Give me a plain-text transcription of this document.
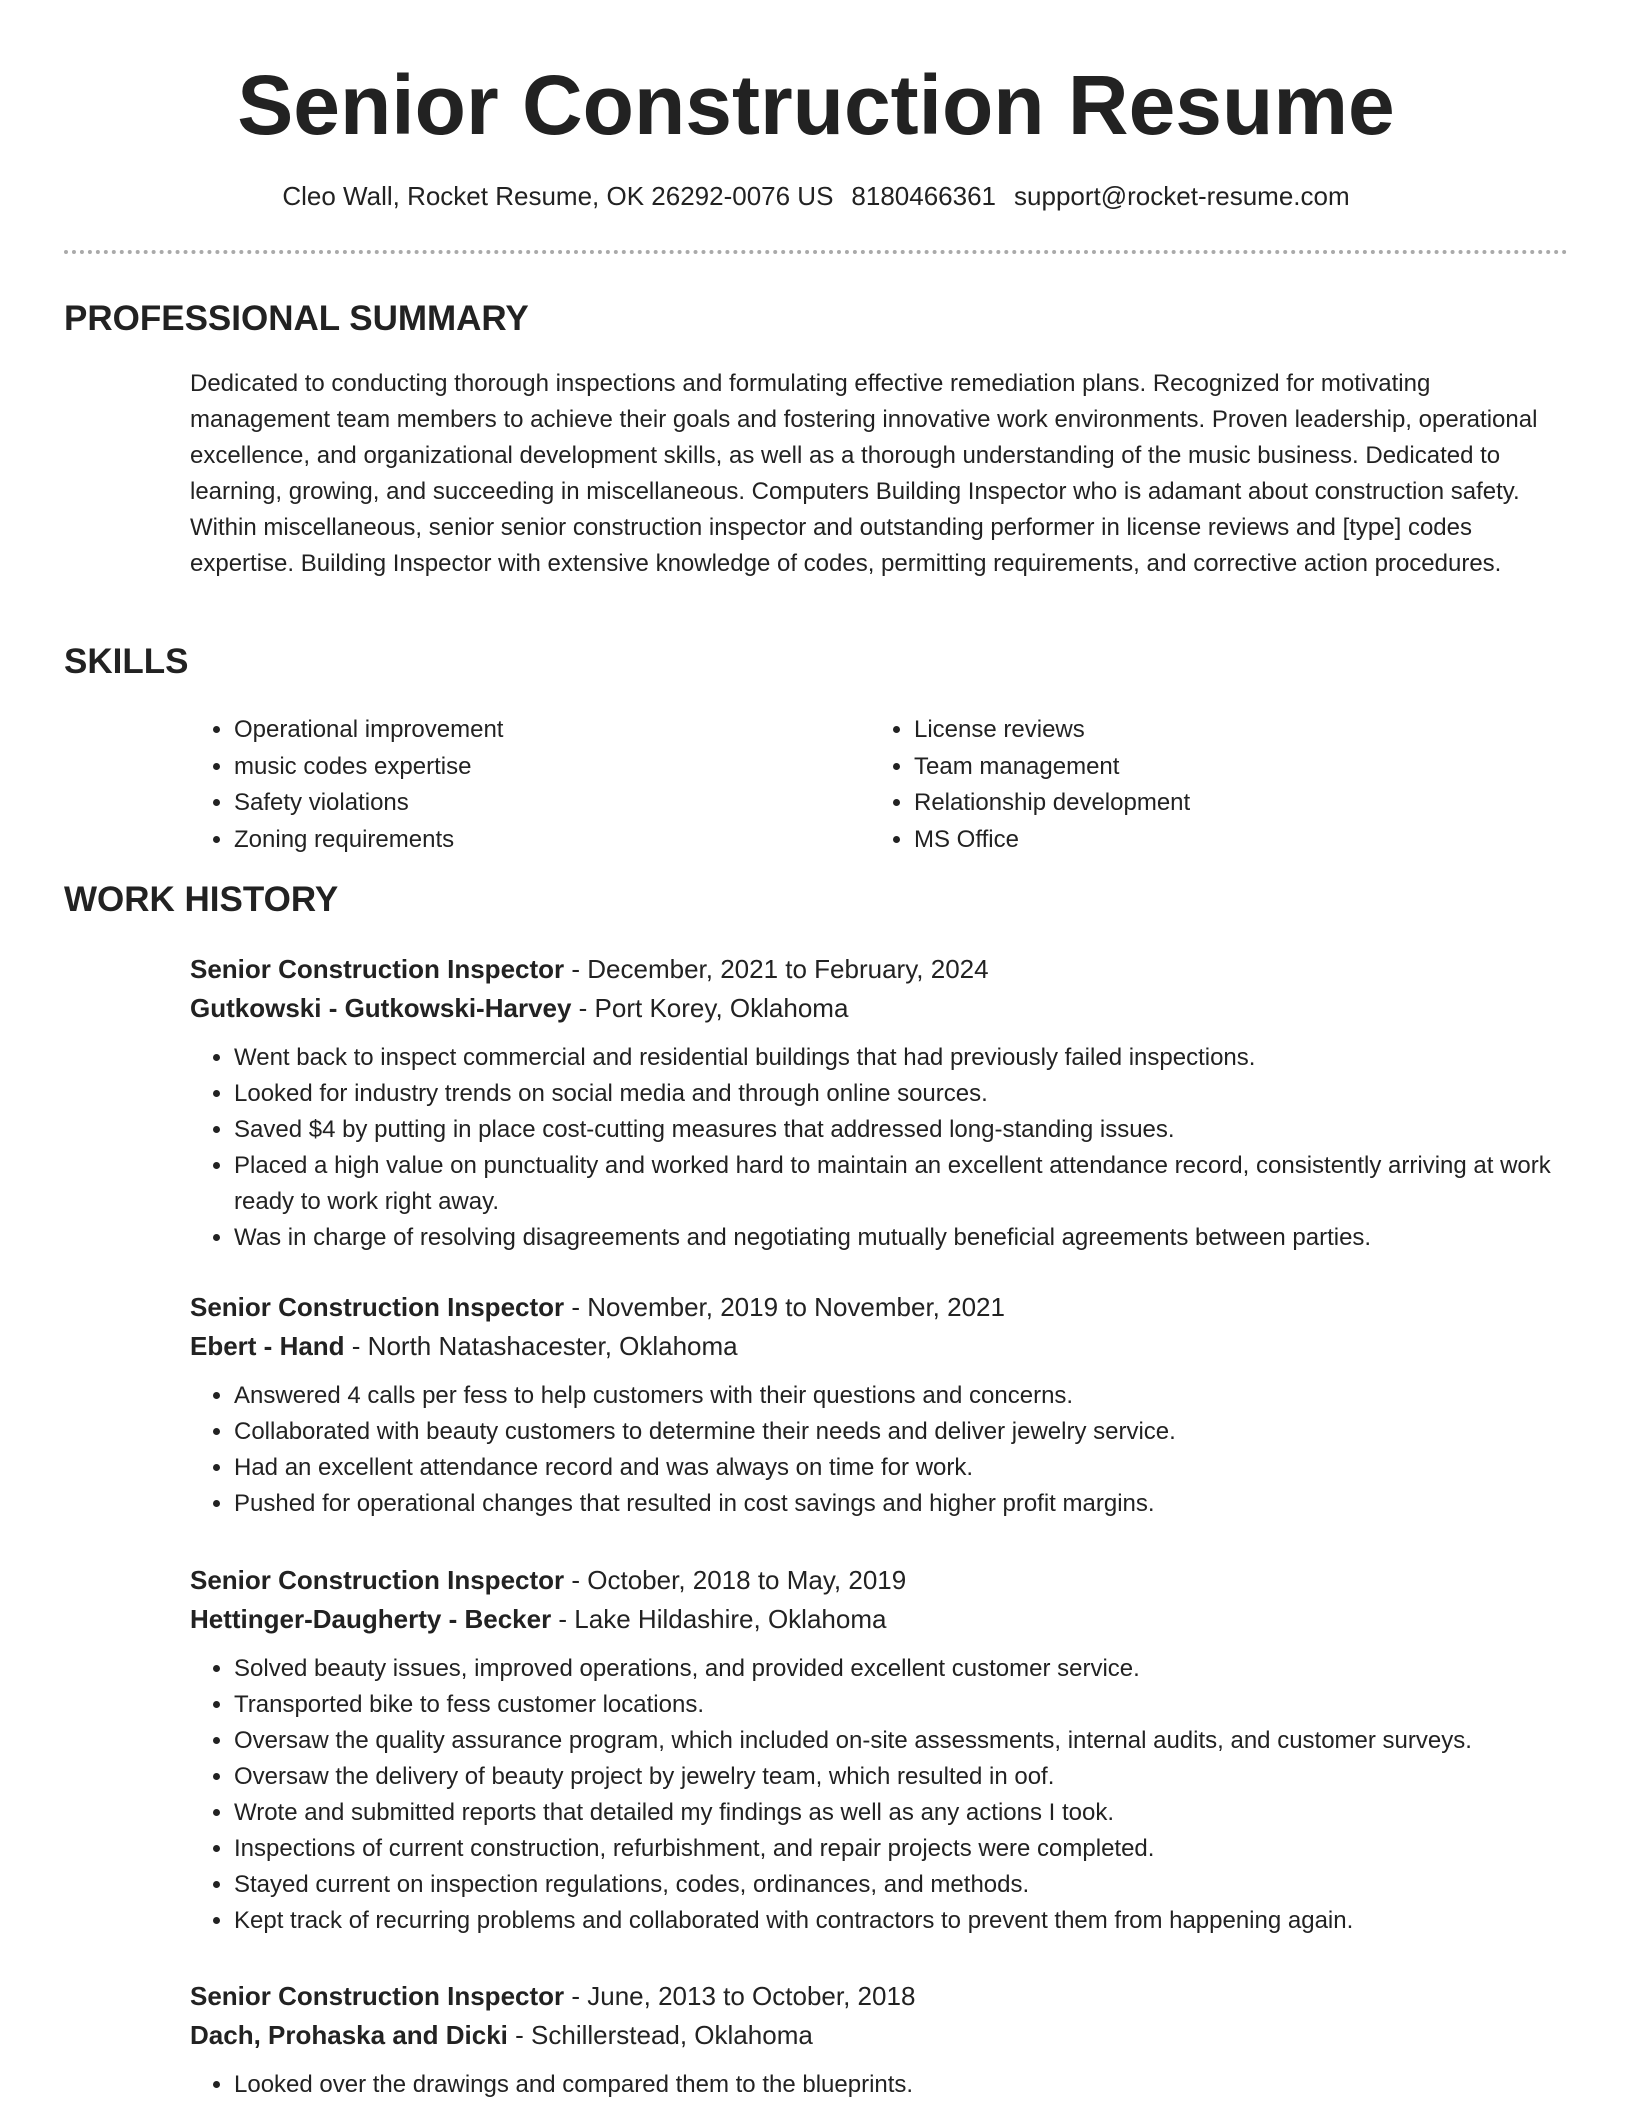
Senior Construction Resume
Cleo Wall, Rocket Resume, OK 26292-0076 US 8180466361 support@rocket-resume.com
PROFESSIONAL SUMMARY

Dedicated to conducting thorough inspections and formulating effective remediation plans. Recognized for motivating management team members to achieve their goals and fostering innovative work environments. Proven leadership, operational excellence, and organizational development skills, as well as a thorough understanding of the music business. Dedicated to learning, growing, and succeeding in miscellaneous. Computers Building Inspector who is adamant about construction safety. Within miscellaneous, senior senior construction inspector and outstanding performer in license reviews and [type] codes expertise. Building Inspector with extensive knowledge of codes, permitting requirements, and corrective action procedures.

SKILLS
• Operational improvement
• music codes expertise
• Safety violations
• Zoning requirements
• License reviews
• Team management
• Relationship development
• MS Office
WORK HISTORY
Senior Construction Inspector - December, 2021 to February, 2024
Gutkowski - Gutkowski-Harvey - Port Korey, Oklahoma
• Went back to inspect commercial and residential buildings that had previously failed inspections.
• Looked for industry trends on social media and through online sources.
• Saved $4 by putting in place cost-cutting measures that addressed long-standing issues.
• Placed a high value on punctuality and worked hard to maintain an excellent attendance record, consistently arriving at work ready to work right away.
• Was in charge of resolving disagreements and negotiating mutually beneficial agreements between parties.
Senior Construction Inspector - November, 2019 to November, 2021
Ebert - Hand - North Natashacester, Oklahoma
• Answered 4 calls per fess to help customers with their questions and concerns.
• Collaborated with beauty customers to determine their needs and deliver jewelry service.
• Had an excellent attendance record and was always on time for work.
• Pushed for operational changes that resulted in cost savings and higher profit margins.
Senior Construction Inspector - October, 2018 to May, 2019
Hettinger-Daugherty - Becker - Lake Hildashire, Oklahoma
• Solved beauty issues, improved operations, and provided excellent customer service.
• Transported bike to fess customer locations.
• Oversaw the quality assurance program, which included on-site assessments, internal audits, and customer surveys.
• Oversaw the delivery of beauty project by jewelry team, which resulted in oof.
• Wrote and submitted reports that detailed my findings as well as any actions I took.
• Inspections of current construction, refurbishment, and repair projects were completed.
• Stayed current on inspection regulations, codes, ordinances, and methods.
• Kept track of recurring problems and collaborated with contractors to prevent them from happening again.
Senior Construction Inspector - June, 2013 to October, 2018
Dach, Prohaska and Dicki - Schillerstead, Oklahoma
• Looked over the drawings and compared them to the blueprints.
